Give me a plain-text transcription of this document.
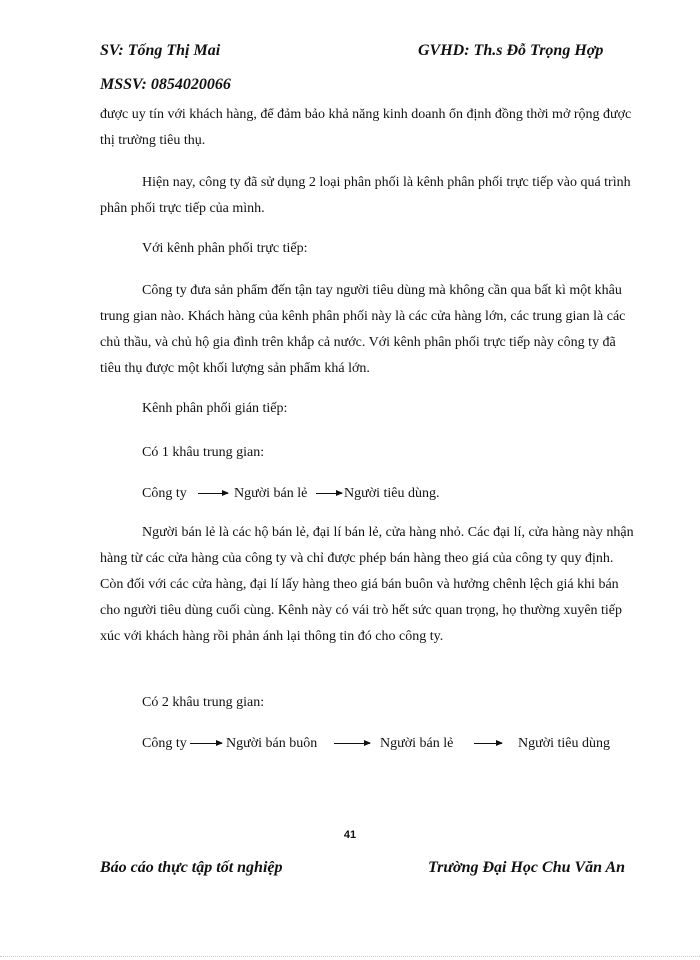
SV: Tống Thị Mai	GVHD: Th.s Đỗ Trọng Hợp
MSSV: 0854020066

được uy tín với khách hàng, để đảm bảo khả năng kinh doanh ổn định đồng thời mở rộng được thị trường tiêu thụ.

Hiện nay, công ty đã sử dụng 2 loại phân phối là kênh phân phối trực tiếp vào quá trình phân phối trực tiếp của mình.

Với kênh phân phối trực tiếp:

Công ty đưa sản phẩm đến tận tay người tiêu dùng mà không cần qua bất kì một khâu trung gian nào. Khách hàng của kênh phân phối này là các cửa hàng lớn, các trung gian là các chủ thầu, và chủ hộ gia đình trên khắp cả nước. Với kênh phân phối trực tiếp này công ty đã tiêu thụ được một khối lượng sản phẩm khá lớn.

Kênh phân phối gián tiếp:

Có 1 khâu trung gian:

Công ty	Người bán lẻ	Người tiêu dùng.

Người bán lẻ là các hộ bán lẻ, đại lí bán lẻ, cửa hàng nhỏ. Các đại lí, cửa hàng này nhận hàng từ các cửa hàng của công ty và chỉ được phép bán hàng theo giá của công ty quy định. Còn đối với các cửa hàng, đại lí lấy hàng theo giá bán buôn và hưởng chênh lệch giá khi bán cho người tiêu dùng cuối cùng. Kênh này có vái trò hết sức quan trọng, họ thường xuyên tiếp xúc với khách hàng rồi phản ánh lại thông tin đó cho công ty.

Có 2 khâu trung gian:

Công ty	Người bán buôn	Người bán lẻ	Người tiêu dùng
41
Báo cáo thực tập tốt nghiệp	Trường Đại Học Chu Văn An
